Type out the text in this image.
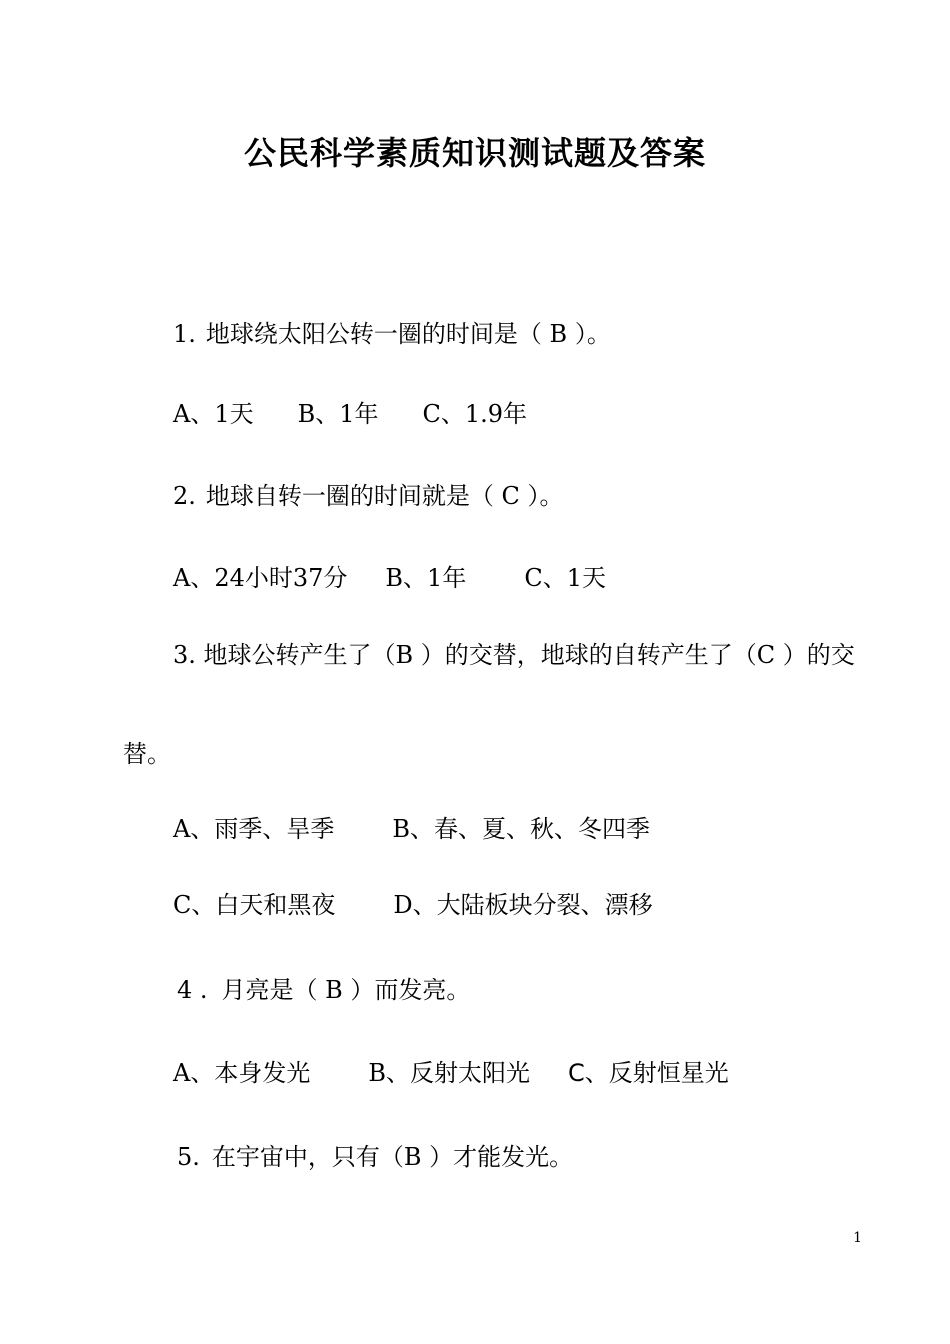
公民科学素质知识测试题及答案
1. 地球绕太阳公转一圈的时间是（ B ）。
A、1天 B、1年 C、1.9年
2. 地球自转一圈的时间就是（ C ）。
A、24小时37分 B、1年 C、1天
3. 地球公转产生了（B ）的交替，地球的自转产生了（C ）的交
替。
A、雨季、旱季 B、春、夏、秋、冬四季
C、白天和黑夜 D、大陆板块分裂、漂移
4 . 月亮是（ B ）而发亮。
A、本身发光 B、反射太阳光 C、反射恒星光
5. 在宇宙中，只有（B ）才能发光。
1
